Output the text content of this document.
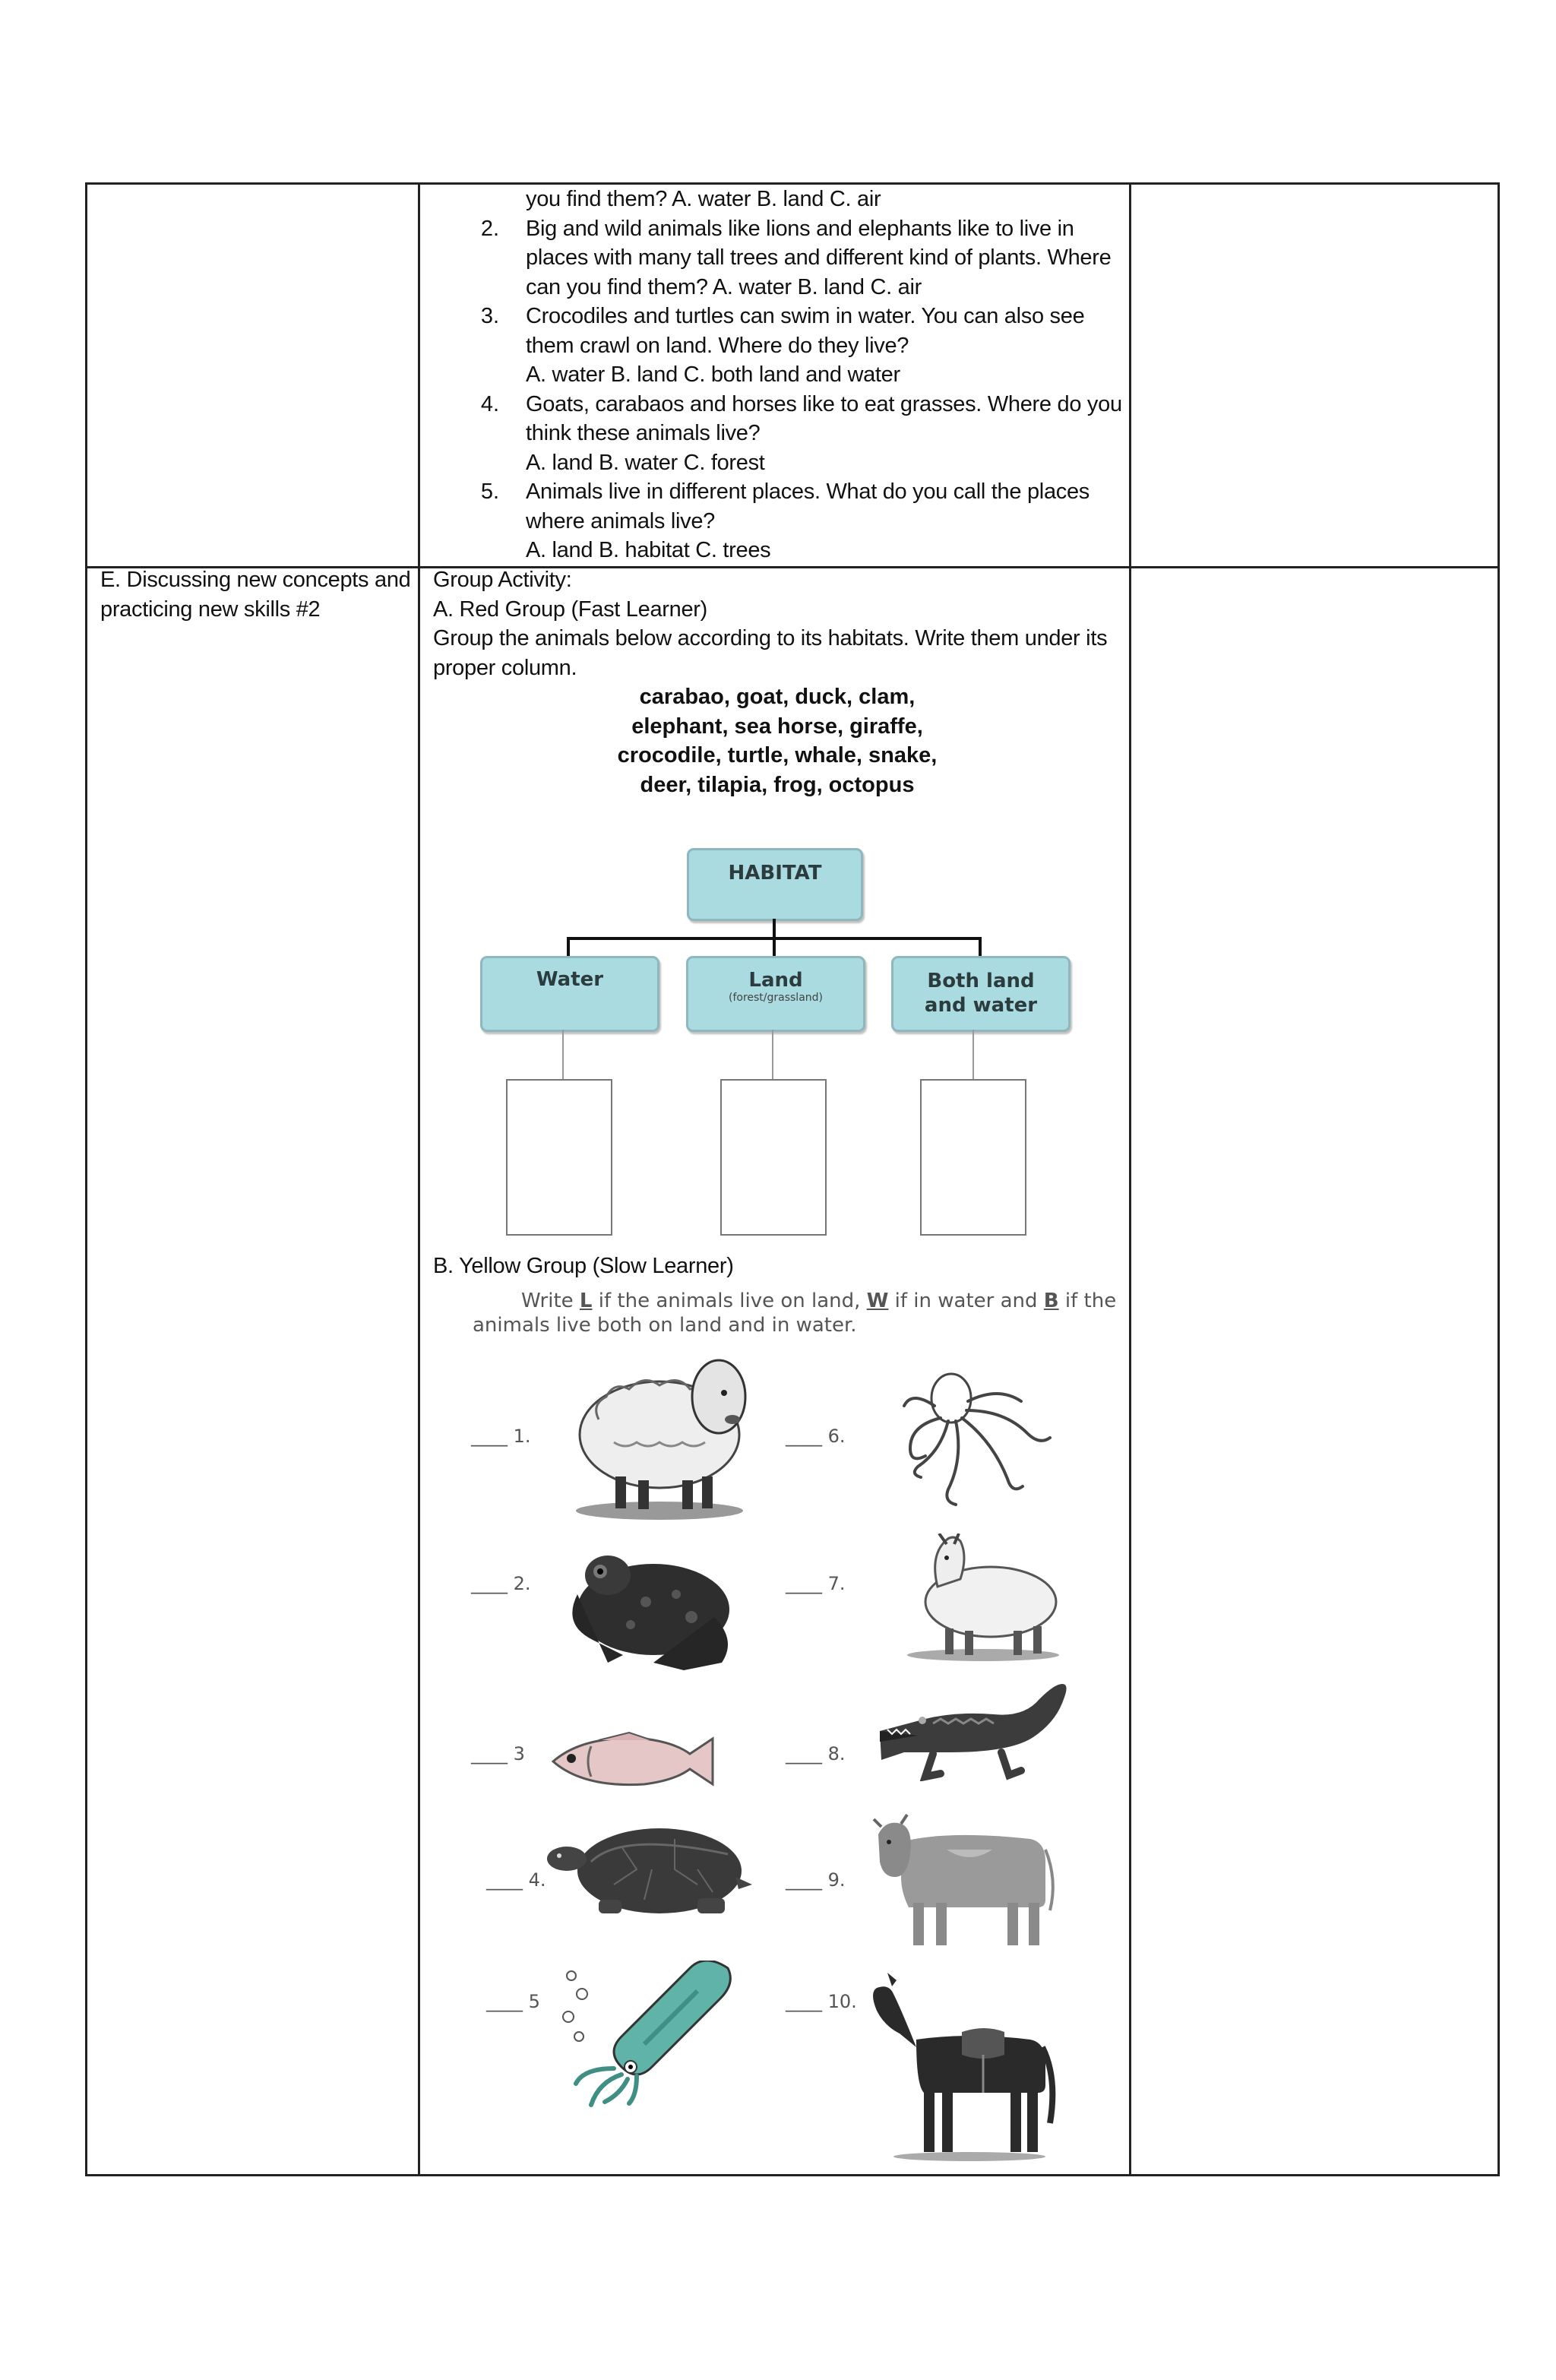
you find them? A. water B. land C. air
2. Big and wild animals like lions and elephants like to live in
places with many tall trees and different kind of plants. Where
can you find them? A. water B. land C. air
3. Crocodiles and turtles can swim in water. You can also see
them crawl on land. Where do they live?
A. water B. land C. both land and water
4. Goats, carabaos and horses like to eat grasses. Where do you
think these animals live?
A. land B. water C. forest
5. Animals live in different places. What do you call the places
where animals live?
A. land B. habitat C. trees
E. Discussing new concepts and
practicing new skills #2
Group Activity:
A. Red Group (Fast Learner)
Group the animals below according to its habitats. Write them under its
proper column.
carabao, goat, duck, clam,
elephant, sea horse, giraffe,
crocodile, turtle, whale, snake,
deer, tilapia, frog, octopus
HABITAT
Water	Land
(forest/grassland)
Both land
and water
B. Yellow Group (Slow Learner)
Write L if the animals live on land, W if in water and B if the
animals live both on land and in water.
____ 1.
____ 2.
____ 3
____ 4.
____ 5
____ 6.
____ 7.
____ 8.
____ 9.
____ 10.
